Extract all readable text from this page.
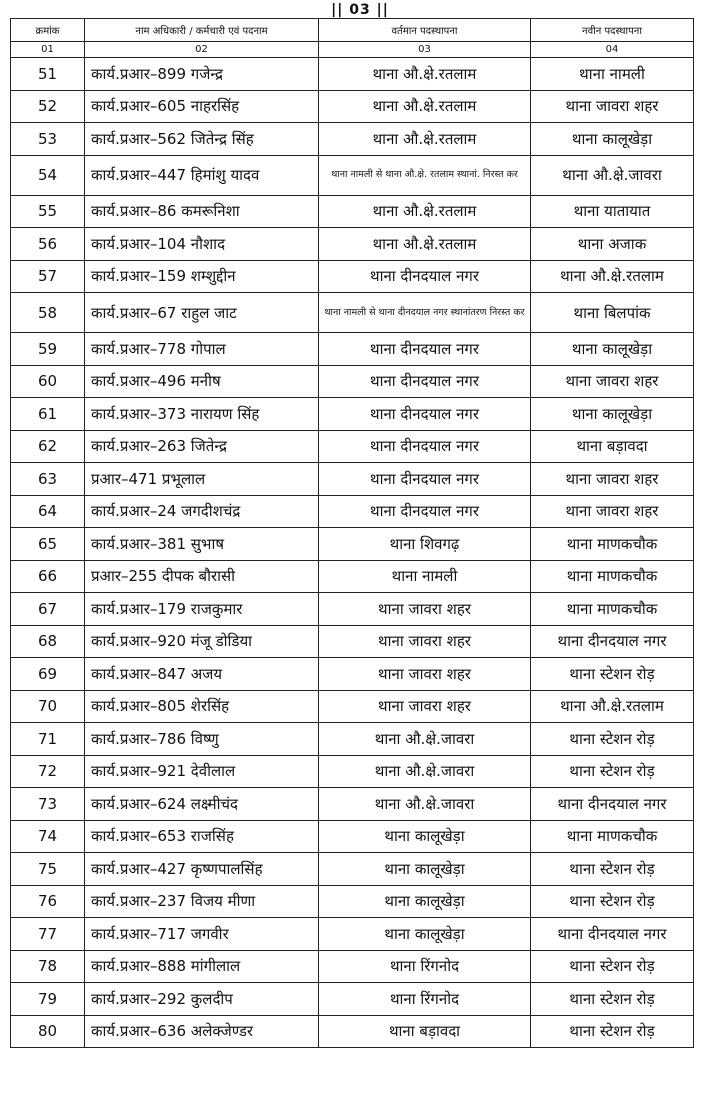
|| 03 ||
क्रमांक	नाम अधिकारी / कर्मचारी एवं पदनाम	वर्तमान पदस्थापना	नवीन पदस्थापना
01	02	03	04
51	कार्य.प्रआर–899 गजेन्द्र	थाना औ.क्षे.रतलाम	थाना नामली
52	कार्य.प्रआर–605 नाहरसिंह	थाना औ.क्षे.रतलाम	थाना जावरा शहर
53	कार्य.प्रआर–562 जितेन्द्र सिंह	थाना औ.क्षे.रतलाम	थाना कालूखेड़ा
54	कार्य.प्रआर–447 हिमांशु यादव	थाना नामली से थाना औ.क्षे. रतलाम स्थानां. निरस्त कर	थाना औ.क्षे.जावरा
55	कार्य.प्रआर–86 कमरूनिशा	थाना औ.क्षे.रतलाम	थाना यातायात
56	कार्य.प्रआर–104 नौशाद	थाना औ.क्षे.रतलाम	थाना अजाक
57	कार्य.प्रआर–159 शम्शुद्दीन	थाना दीनदयाल नगर	थाना औ.क्षे.रतलाम
58	कार्य.प्रआर–67 राहुल जाट	थाना नामली से थाना दीनदयाल नगर स्थानांतरण निरस्त कर	थाना बिलपांक
59	कार्य.प्रआर–778 गोपाल	थाना दीनदयाल नगर	थाना कालूखेड़ा
60	कार्य.प्रआर–496 मनीष	थाना दीनदयाल नगर	थाना जावरा शहर
61	कार्य.प्रआर–373 नारायण सिंह	थाना दीनदयाल नगर	थाना कालूखेड़ा
62	कार्य.प्रआर–263 जितेन्द्र	थाना दीनदयाल नगर	थाना बड़ावदा
63	प्रआर–471 प्रभूलाल	थाना दीनदयाल नगर	थाना जावरा शहर
64	कार्य.प्रआर–24 जगदीशचंद्र	थाना दीनदयाल नगर	थाना जावरा शहर
65	कार्य.प्रआर–381 सुभाष	थाना शिवगढ़	थाना माणकचौक
66	प्रआर–255 दीपक बौरासी	थाना नामली	थाना माणकचौक
67	कार्य.प्रआर–179 राजकुमार	थाना जावरा शहर	थाना माणकचौक
68	कार्य.प्रआर–920 मंजू डोडिया	थाना जावरा शहर	थाना दीनदयाल नगर
69	कार्य.प्रआर–847 अजय	थाना जावरा शहर	थाना स्टेशन रोड़
70	कार्य.प्रआर–805 शेरसिंह	थाना जावरा शहर	थाना औ.क्षे.रतलाम
71	कार्य.प्रआर–786 विष्णु	थाना औ.क्षे.जावरा	थाना स्टेशन रोड़
72	कार्य.प्रआर–921 देवीलाल	थाना औ.क्षे.जावरा	थाना स्टेशन रोड़
73	कार्य.प्रआर–624 लक्ष्मीचंद	थाना औ.क्षे.जावरा	थाना दीनदयाल नगर
74	कार्य.प्रआर–653 राजसिंह	थाना कालूखेड़ा	थाना माणकचौक
75	कार्य.प्रआर–427 कृष्णपालसिंह	थाना कालूखेड़ा	थाना स्टेशन रोड़
76	कार्य.प्रआर–237 विजय मीणा	थाना कालूखेड़ा	थाना स्टेशन रोड़
77	कार्य.प्रआर–717 जगवीर	थाना कालूखेड़ा	थाना दीनदयाल नगर
78	कार्य.प्रआर–888 मांगीलाल	थाना रिंगनोद	थाना स्टेशन रोड़
79	कार्य.प्रआर–292 कुलदीप	थाना रिंगनोद	थाना स्टेशन रोड़
80	कार्य.प्रआर–636 अलेक्जेण्डर	थाना बड़ावदा	थाना स्टेशन रोड़
